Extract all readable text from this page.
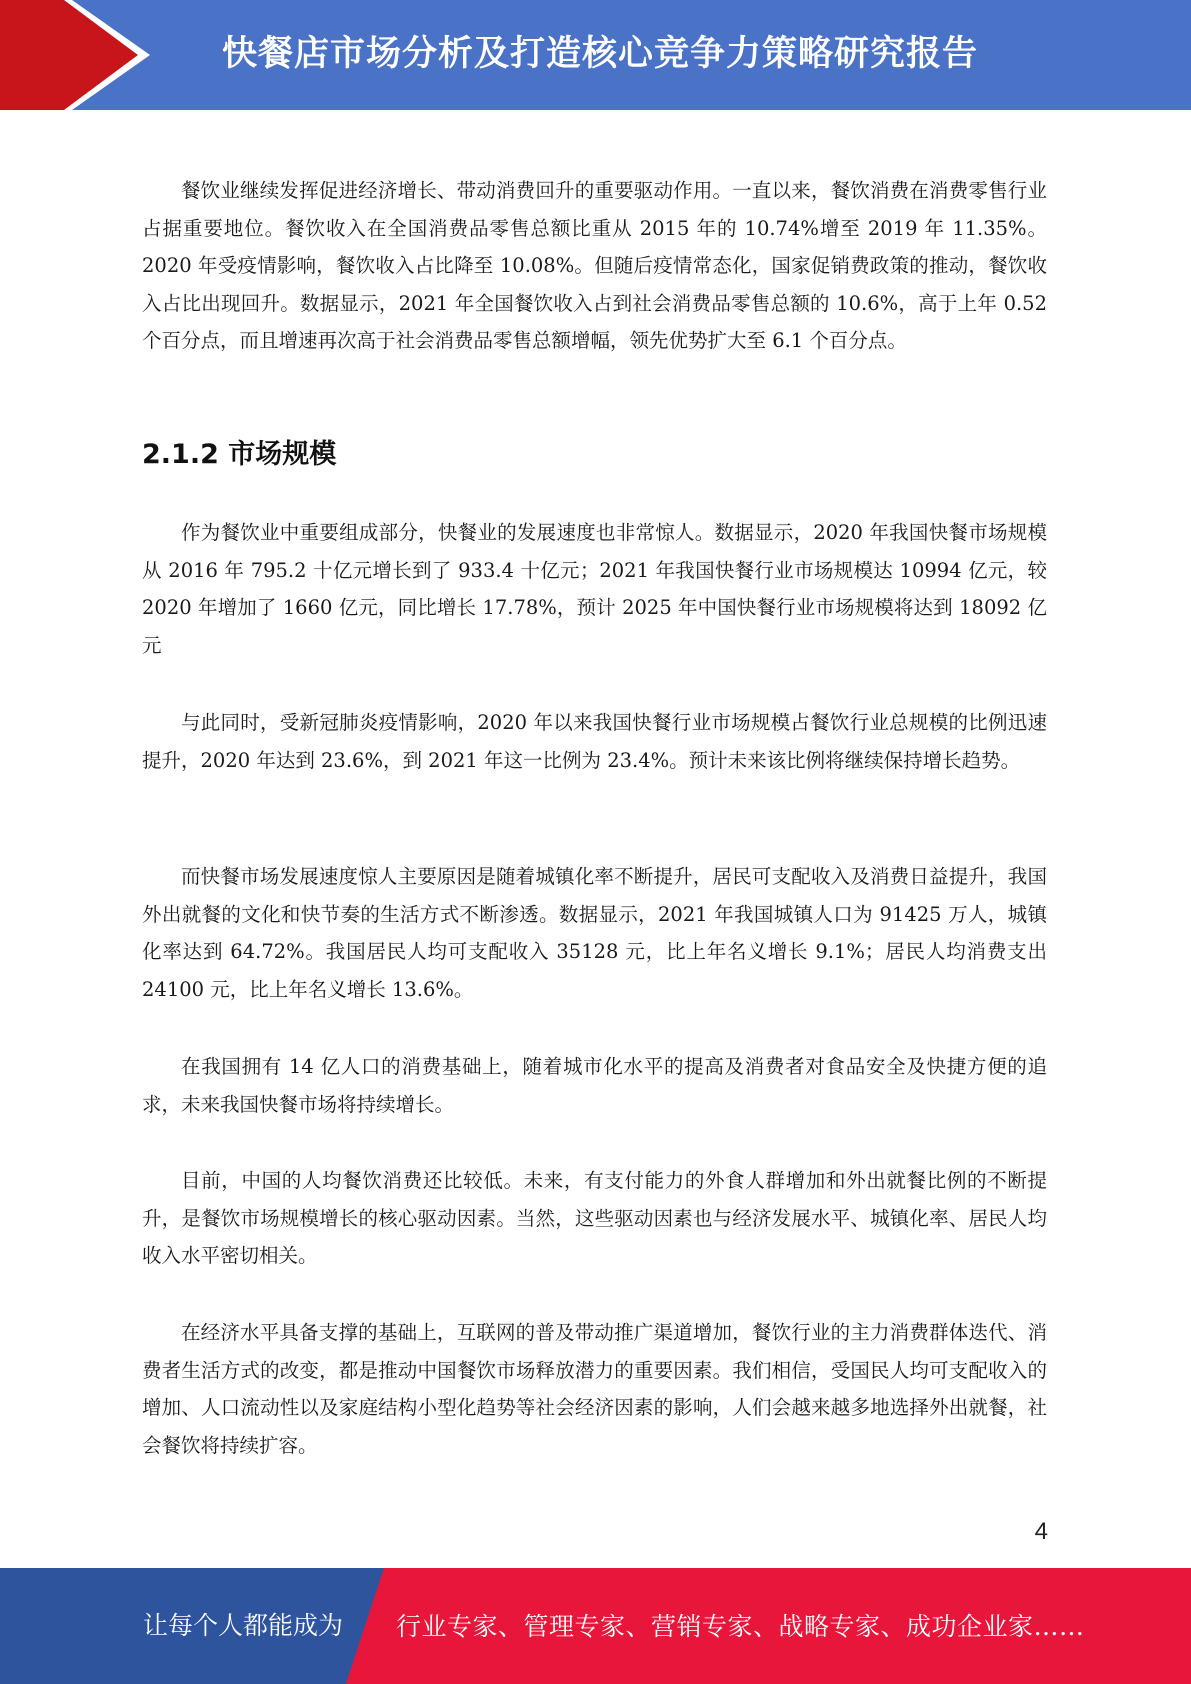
快餐店市场分析及打造核心竞争力策略研究报告

餐饮业继续发挥促进经济增长、带动消费回升的重要驱动作用。一直以来，餐饮消费在消费零售行业占据重要地位。餐饮收入在全国消费品零售总额比重从 2015 年的 10.74%增至 2019 年 11.35%。2020 年受疫情影响，餐饮收入占比降至 10.08%。但随后疫情常态化，国家促销费政策的推动，餐饮收入占比出现回升。数据显示，2021 年全国餐饮收入占到社会消费品零售总额的 10.6%，高于上年 0.52 个百分点，而且增速再次高于社会消费品零售总额增幅，领先优势扩大至 6.1 个百分点。

2.1.2 市场规模

作为餐饮业中重要组成部分，快餐业的发展速度也非常惊人。数据显示，2020 年我国快餐市场规模从 2016 年 795.2 十亿元增长到了 933.4 十亿元；2021 年我国快餐行业市场规模达 10994 亿元，较 2020 年增加了 1660 亿元，同比增长 17.78%，预计 2025 年中国快餐行业市场规模将达到 18092 亿元

与此同时，受新冠肺炎疫情影响，2020 年以来我国快餐行业市场规模占餐饮行业总规模的比例迅速提升，2020 年达到 23.6%，到 2021 年这一比例为 23.4%。预计未来该比例将继续保持增长趋势。

而快餐市场发展速度惊人主要原因是随着城镇化率不断提升，居民可支配收入及消费日益提升，我国外出就餐的文化和快节奏的生活方式不断渗透。数据显示，2021 年我国城镇人口为 91425 万人，城镇化率达到 64.72%。我国居民人均可支配收入 35128 元，比上年名义增长 9.1%；居民人均消费支出 24100 元，比上年名义增长 13.6%。

在我国拥有 14 亿人口的消费基础上，随着城市化水平的提高及消费者对食品安全及快捷方便的追求，未来我国快餐市场将持续增长。

目前，中国的人均餐饮消费还比较低。未来，有支付能力的外食人群增加和外出就餐比例的不断提升，是餐饮市场规模增长的核心驱动因素。当然，这些驱动因素也与经济发展水平、城镇化率、居民人均收入水平密切相关。

在经济水平具备支撑的基础上，互联网的普及带动推广渠道增加，餐饮行业的主力消费群体迭代、消费者生活方式的改变，都是推动中国餐饮市场释放潜力的重要因素。我们相信，受国民人均可支配收入的增加、人口流动性以及家庭结构小型化趋势等社会经济因素的影响，人们会越来越多地选择外出就餐，社会餐饮将持续扩容。

4
让每个人都能成为 行业专家、管理专家、营销专家、战略专家、成功企业家……
